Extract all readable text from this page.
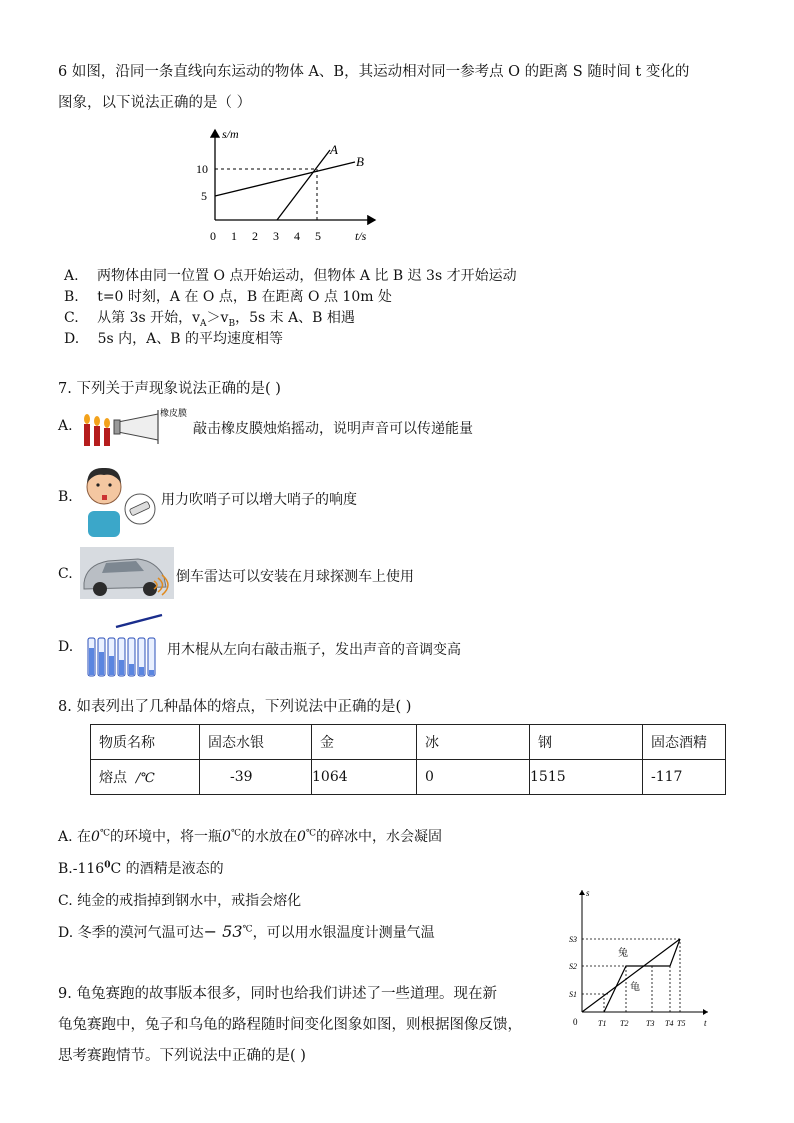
6 如图，沿同一条直线向东运动的物体 A、B，其运动相对同一参考点 O 的距离 S 随时间 t 变化的
图象，以下说法正确的是（ ）
s/m
t/s
10
5
0 1 2 3 4 5
A
B
A. 两物体由同一位置 O 点开始运动，但物体 A 比 B 迟 3s 才开始运动
B. t=0 时刻，A 在 O 点，B 在距离 O 点 10m 处
C. 从第 3s 开始，$v_A>v_B$，5s 末 A、B 相遇
D. 5s 内，A、B 的平均速度相等
7. 下列关于声现象说法正确的是( )
A.
橡皮膜
敲击橡皮膜烛焰摇动，说明声音可以传递能量
B.	用力吹哨子可以增大哨子的响度
C.	倒车雷达可以安装在月球探测车上使用
D.	用木棍从左向右敲击瓶子，发出声音的音调变高
8. 如表列出了几种晶体的熔点，下列说法中正确的是( )
物质名称	固态水银	金	冰	钢	固态酒精
熔点 /℃	-39	1064	0	1515	-117
A. 在0℃的环境中，将一瓶0℃的水放在0℃的碎冰中，水会凝固
$B.-116^0C$ 的酒精是液态的
C. 纯金的戒指掉到钢水中，戒指会熔化
D. 冬季的漠河气温可达− 53℃，可以用水银温度计测量气温
9. 龟兔赛跑的故事版本很多，同时也给我们讲述了一些道理。现在新
龟兔赛跑中，兔子和乌龟的路程随时间变化图象如图，则根据图像反馈，
思考赛跑情节。下列说法中正确的是( )
s
t
0
兔
龟
S3
S2
S1
T1 T2 T3 T4 T5
